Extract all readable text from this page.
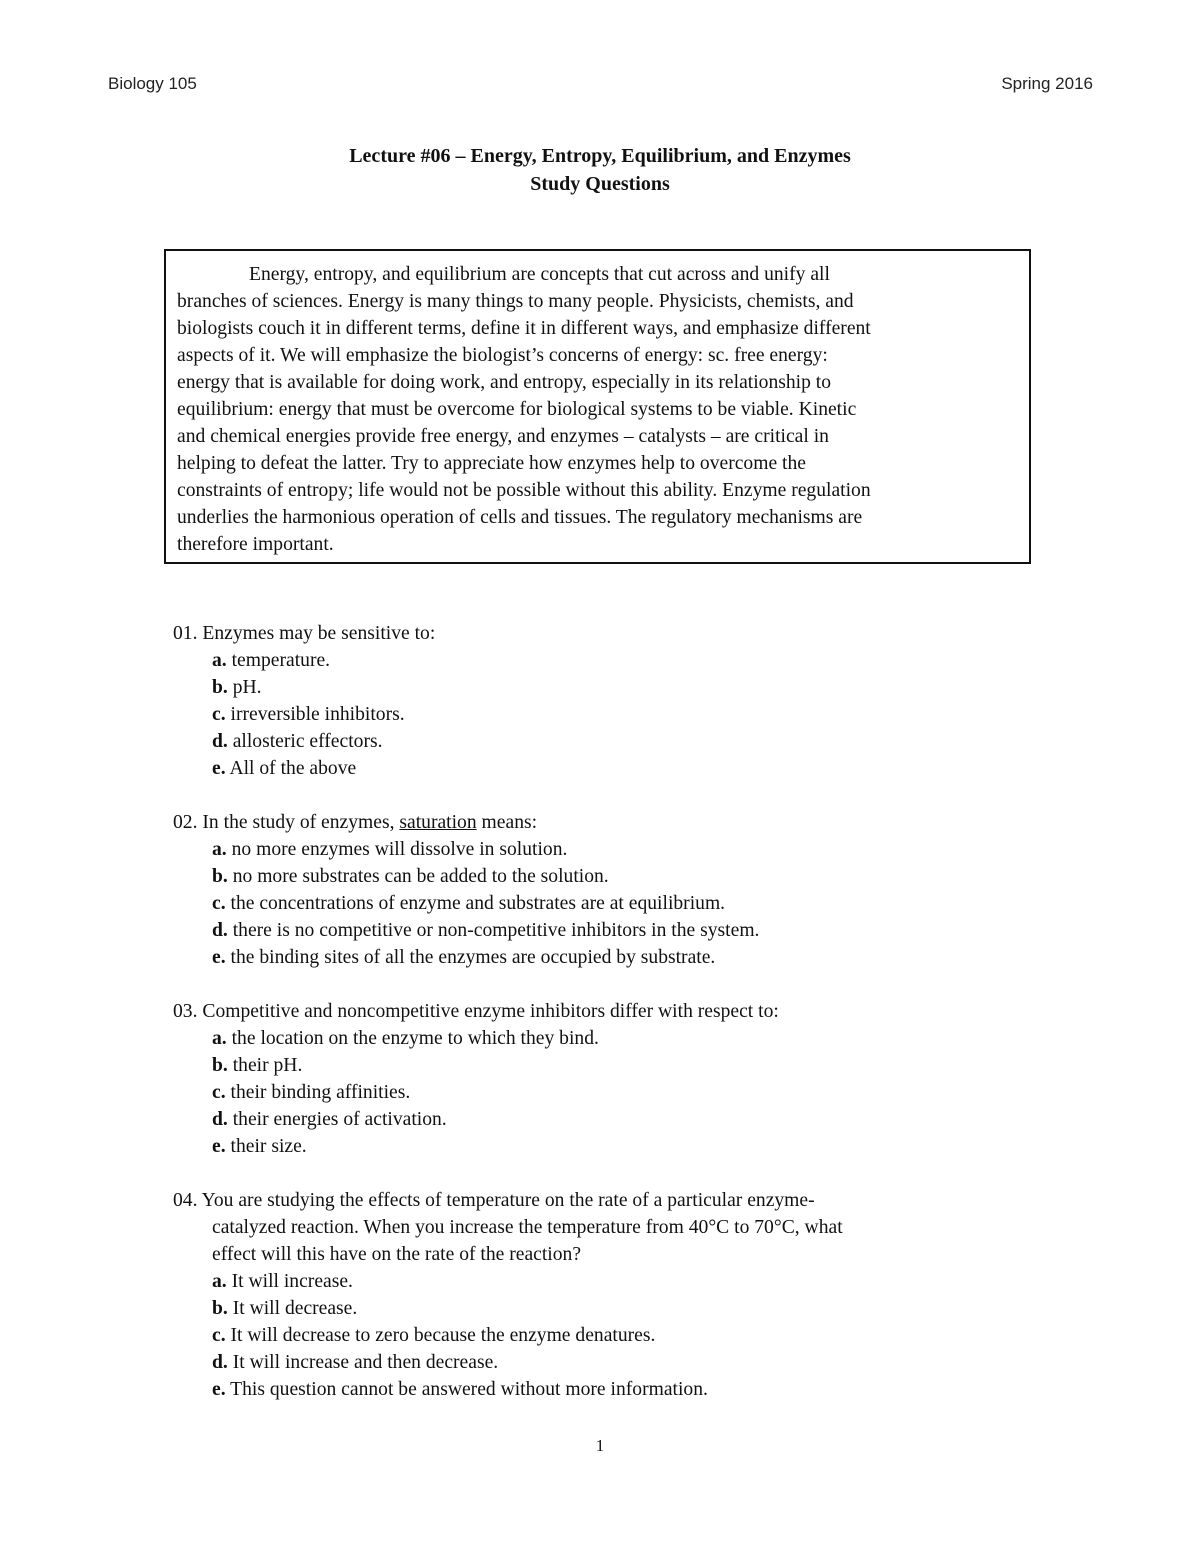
Biology 105	Spring 2016
Lecture #06 – Energy, Entropy, Equilibrium, and Enzymes
Study Questions
Energy, entropy, and equilibrium are concepts that cut across and unify all
branches of sciences. Energy is many things to many people. Physicists, chemists, and
biologists couch it in different terms, define it in different ways, and emphasize different
aspects of it. We will emphasize the biologist’s concerns of energy: sc. free energy:
energy that is available for doing work, and entropy, especially in its relationship to
equilibrium: energy that must be overcome for biological systems to be viable. Kinetic
and chemical energies provide free energy, and enzymes – catalysts – are critical in
helping to defeat the latter. Try to appreciate how enzymes help to overcome the
constraints of entropy; life would not be possible without this ability. Enzyme regulation
underlies the harmonious operation of cells and tissues. The regulatory mechanisms are
therefore important.
01. Enzymes may be sensitive to:
a. temperature.
b. pH.
c. irreversible inhibitors.
d. allosteric effectors.
e. All of the above
02. In the study of enzymes, saturation means:
a. no more enzymes will dissolve in solution.
b. no more substrates can be added to the solution.
c. the concentrations of enzyme and substrates are at equilibrium.
d. there is no competitive or non-competitive inhibitors in the system.
e. the binding sites of all the enzymes are occupied by substrate.
03. Competitive and noncompetitive enzyme inhibitors differ with respect to:
a. the location on the enzyme to which they bind.
b. their pH.
c. their binding affinities.
d. their energies of activation.
e. their size.
04. You are studying the effects of temperature on the rate of a particular enzyme-
catalyzed reaction. When you increase the temperature from 40°C to 70°C, what
effect will this have on the rate of the reaction?
a. It will increase.
b. It will decrease.
c. It will decrease to zero because the enzyme denatures.
d. It will increase and then decrease.
e. This question cannot be answered without more information.
1
